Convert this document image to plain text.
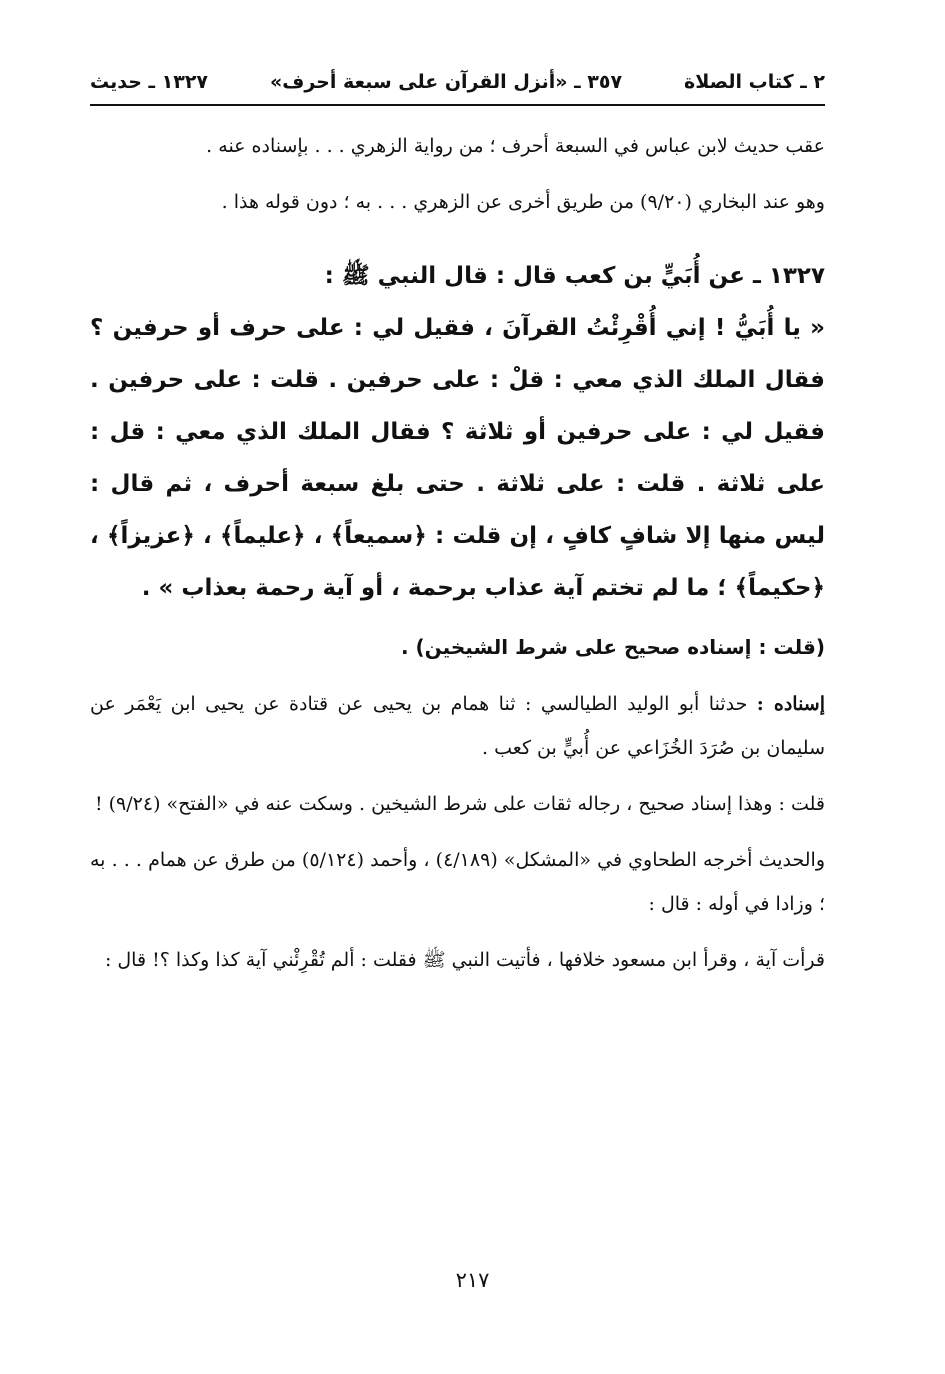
١٣٢٧ ـ حديث	٣٥٧ ـ «أنزل القرآن على سبعة أحرف»	٢ ـ كتاب الصلاة

عقب حديث لابن عباس في السبعة أحرف ؛ من رواية الزهري . . . بإسناده عنه .

وهو عند البخاري (٩/٢٠) من طريق أخرى عن الزهري . . . به ؛ دون قوله هذا .

١٣٢٧ ـ عن أُبَيٍّ بن كعب قال : قال النبي ﷺ :

« يا أُبَيُّ ! إني أُقْرِئْتُ القرآنَ ، فقيل لي : على حرف أو حرفين ؟ فقال الملك الذي معي : قلْ : على حرفين . قلت : على حرفين . فقيل لي : على حرفين أو ثلاثة ؟ فقال الملك الذي معي : قل : على ثلاثة . قلت : على ثلاثة . حتى بلغ سبعة أحرف ، ثم قال : ليس منها إلا شافٍ كافٍ ، إن قلت : ﴿سميعاً﴾ ، ﴿عليماً﴾ ، ﴿عزيزاً﴾ ، ﴿حكيماً﴾ ؛ ما لم تختم آية عذاب برحمة ، أو آية رحمة بعذاب » .

(قلت : إسناده صحيح على شرط الشيخين) .

إسناده : حدثنا أبو الوليد الطيالسي : ثنا همام بن يحيى عن قتادة عن يحيى ابن يَعْمَر عن سليمان بن صُرَدَ الخُزَاعي عن أُبيٍّ بن كعب .

قلت : وهذا إسناد صحيح ، رجاله ثقات على شرط الشيخين . وسكت عنه في «الفتح» (٩/٢٤) !

والحديث أخرجه الطحاوي في «المشكل» (٤/١٨٩) ، وأحمد (٥/١٢٤) من طرق عن همام . . . به ؛ وزادا في أوله : قال :

قرأت آية ، وقرأ ابن مسعود خلافها ، فأتيت النبي ﷺ فقلت : ألم تُقْرِئْني آية كذا وكذا ؟! قال :

٢١٧
